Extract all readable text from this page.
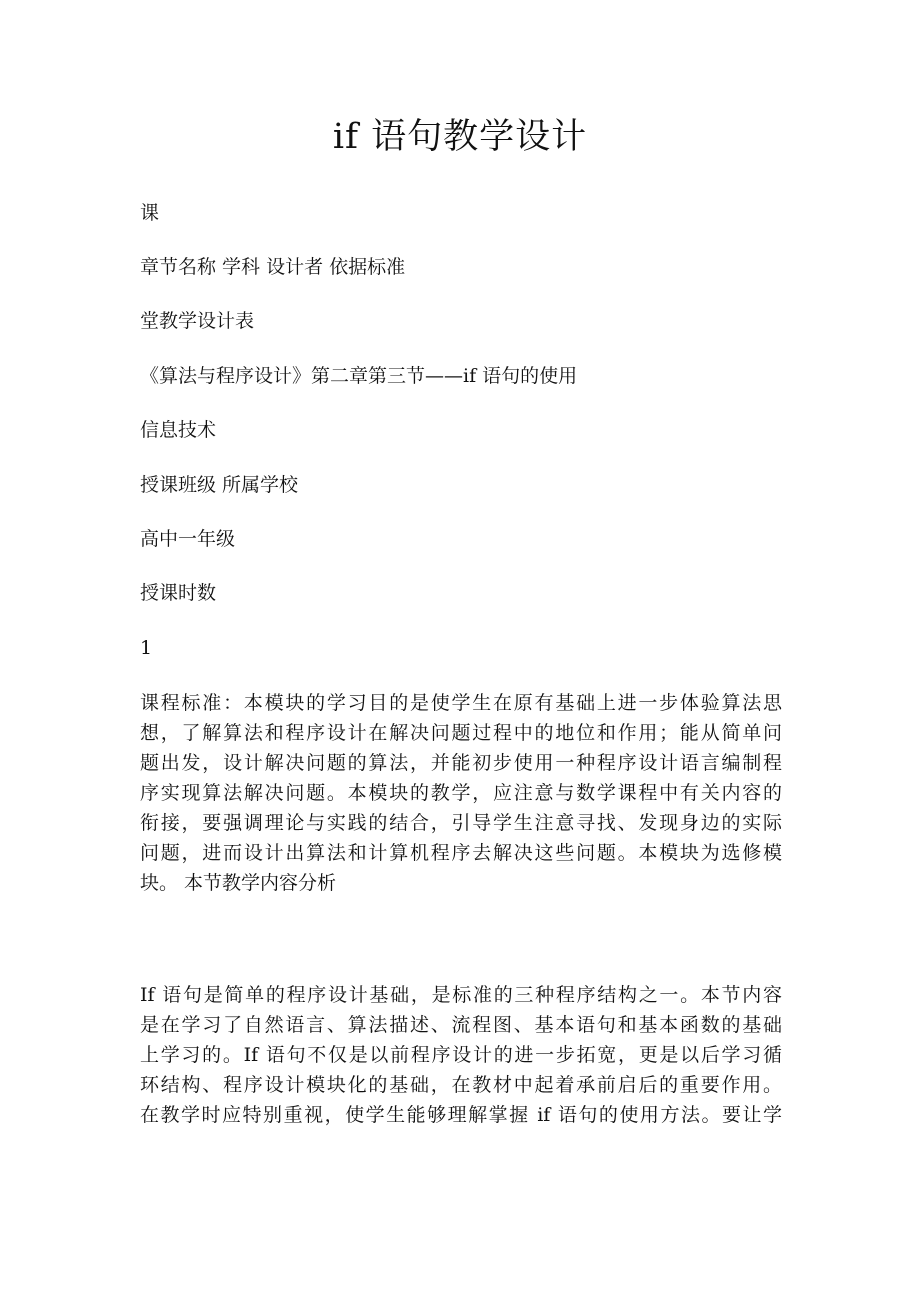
if 语句教学设计

课

章节名称 学科 设计者 依据标准

堂教学设计表

《算法与程序设计》第二章第三节——if 语句的使用

信息技术

授课班级 所属学校

高中一年级

授课时数

1

课程标准：本模块的学习目的是使学生在原有基础上进一步体验算法思
想，了解算法和程序设计在解决问题过程中的地位和作用；能从简单问
题出发，设计解决问题的算法，并能初步使用一种程序设计语言编制程
序实现算法解决问题。本模块的教学，应注意与数学课程中有关内容的
衔接，要强调理论与实践的结合，引导学生注意寻找、发现身边的实际
问题，进而设计出算法和计算机程序去解决这些问题。本模块为选修模
块。 本节教学内容分析
If 语句是简单的程序设计基础，是标准的三种程序结构之一。本节内容
是在学习了自然语言、算法描述、流程图、基本语句和基本函数的基础
上学习的。If 语句不仅是以前程序设计的进一步拓宽，更是以后学习循
环结构、程序设计模块化的基础，在教材中起着承前启后的重要作用。
在教学时应特别重视，使学生能够理解掌握 if 语句的使用方法。要让学
